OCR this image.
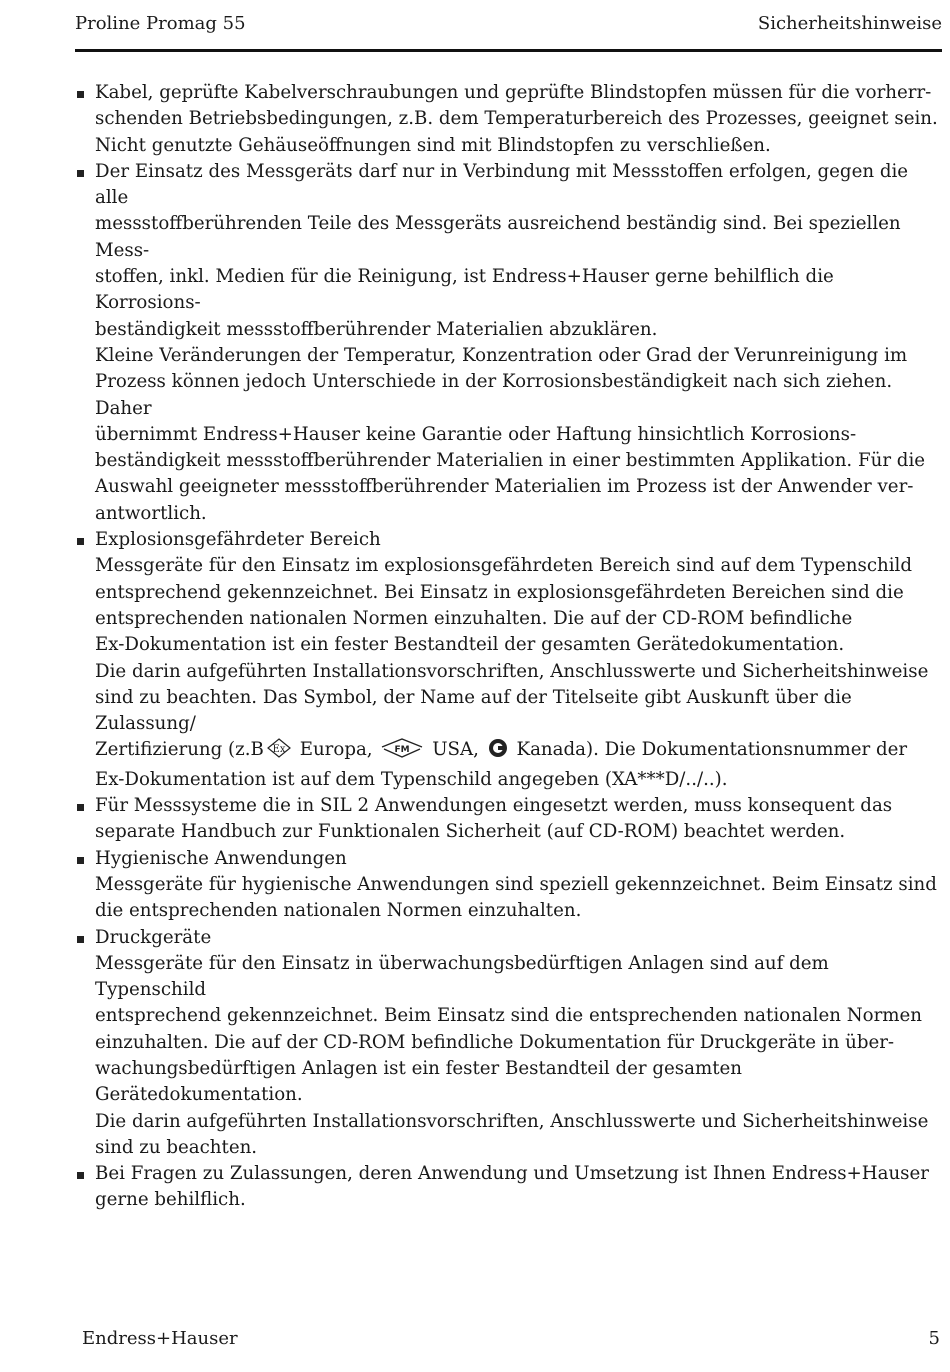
Proline Promag 55	Sicherheitshinweise
Kabel, geprüfte Kabelverschraubungen und geprüfte Blindstopfen müssen für die vorherr-
schenden Betriebsbedingungen, z.B. dem Temperaturbereich des Prozesses, geeignet sein.
Nicht genutzte Gehäuseöffnungen sind mit Blindstopfen zu verschließen.
Der Einsatz des Messgeräts darf nur in Verbindung mit Messstoffen erfolgen, gegen die alle
messstoffberührenden Teile des Messgeräts ausreichend beständig sind. Bei speziellen Mess-
stoffen, inkl. Medien für die Reinigung, ist Endress+Hauser gerne behilflich die Korrosions-
beständigkeit messstoffberührender Materialien abzuklären.
Kleine Veränderungen der Temperatur, Konzentration oder Grad der Verunreinigung im
Prozess können jedoch Unterschiede in der Korrosionsbeständigkeit nach sich ziehen. Daher
übernimmt Endress+Hauser keine Garantie oder Haftung hinsichtlich Korrosions-
beständigkeit messstoffberührender Materialien in einer bestimmten Applikation. Für die
Auswahl geeigneter messstoffberührender Materialien im Prozess ist der Anwender ver-
antwortlich.
Explosionsgefährdeter Bereich
Messgeräte für den Einsatz im explosionsgefährdeten Bereich sind auf dem Typenschild
entsprechend gekennzeichnet. Bei Einsatz in explosionsgefährdeten Bereichen sind die
entsprechenden nationalen Normen einzuhalten. Die auf der CD-ROM befindliche
Ex-Dokumentation ist ein fester Bestandteil der gesamten Gerätedokumentation.
Die darin aufgeführten Installationsvorschriften, Anschlusswerte und Sicherheitshinweise
sind zu beachten. Das Symbol, der Name auf der Titelseite gibt Auskunft über die Zulassung/
Zertifizierung (z.B Ex Europa, FM USA, Kanada). Die Dokumentationsnummer der
Ex-Dokumentation ist auf dem Typenschild angegeben (XA***D/../..).
Für Messsysteme die in SIL 2 Anwendungen eingesetzt werden, muss konsequent das
separate Handbuch zur Funktionalen Sicherheit (auf CD-ROM) beachtet werden.
Hygienische Anwendungen
Messgeräte für hygienische Anwendungen sind speziell gekennzeichnet. Beim Einsatz sind
die entsprechenden nationalen Normen einzuhalten.
Druckgeräte
Messgeräte für den Einsatz in überwachungsbedürftigen Anlagen sind auf dem Typenschild
entsprechend gekennzeichnet. Beim Einsatz sind die entsprechenden nationalen Normen
einzuhalten. Die auf der CD-ROM befindliche Dokumentation für Druckgeräte in über-
wachungsbedürftigen Anlagen ist ein fester Bestandteil der gesamten Gerätedokumentation.
Die darin aufgeführten Installationsvorschriften, Anschlusswerte und Sicherheitshinweise
sind zu beachten.
Bei Fragen zu Zulassungen, deren Anwendung und Umsetzung ist Ihnen Endress+Hauser
gerne behilflich.
Endress+Hauser	5
